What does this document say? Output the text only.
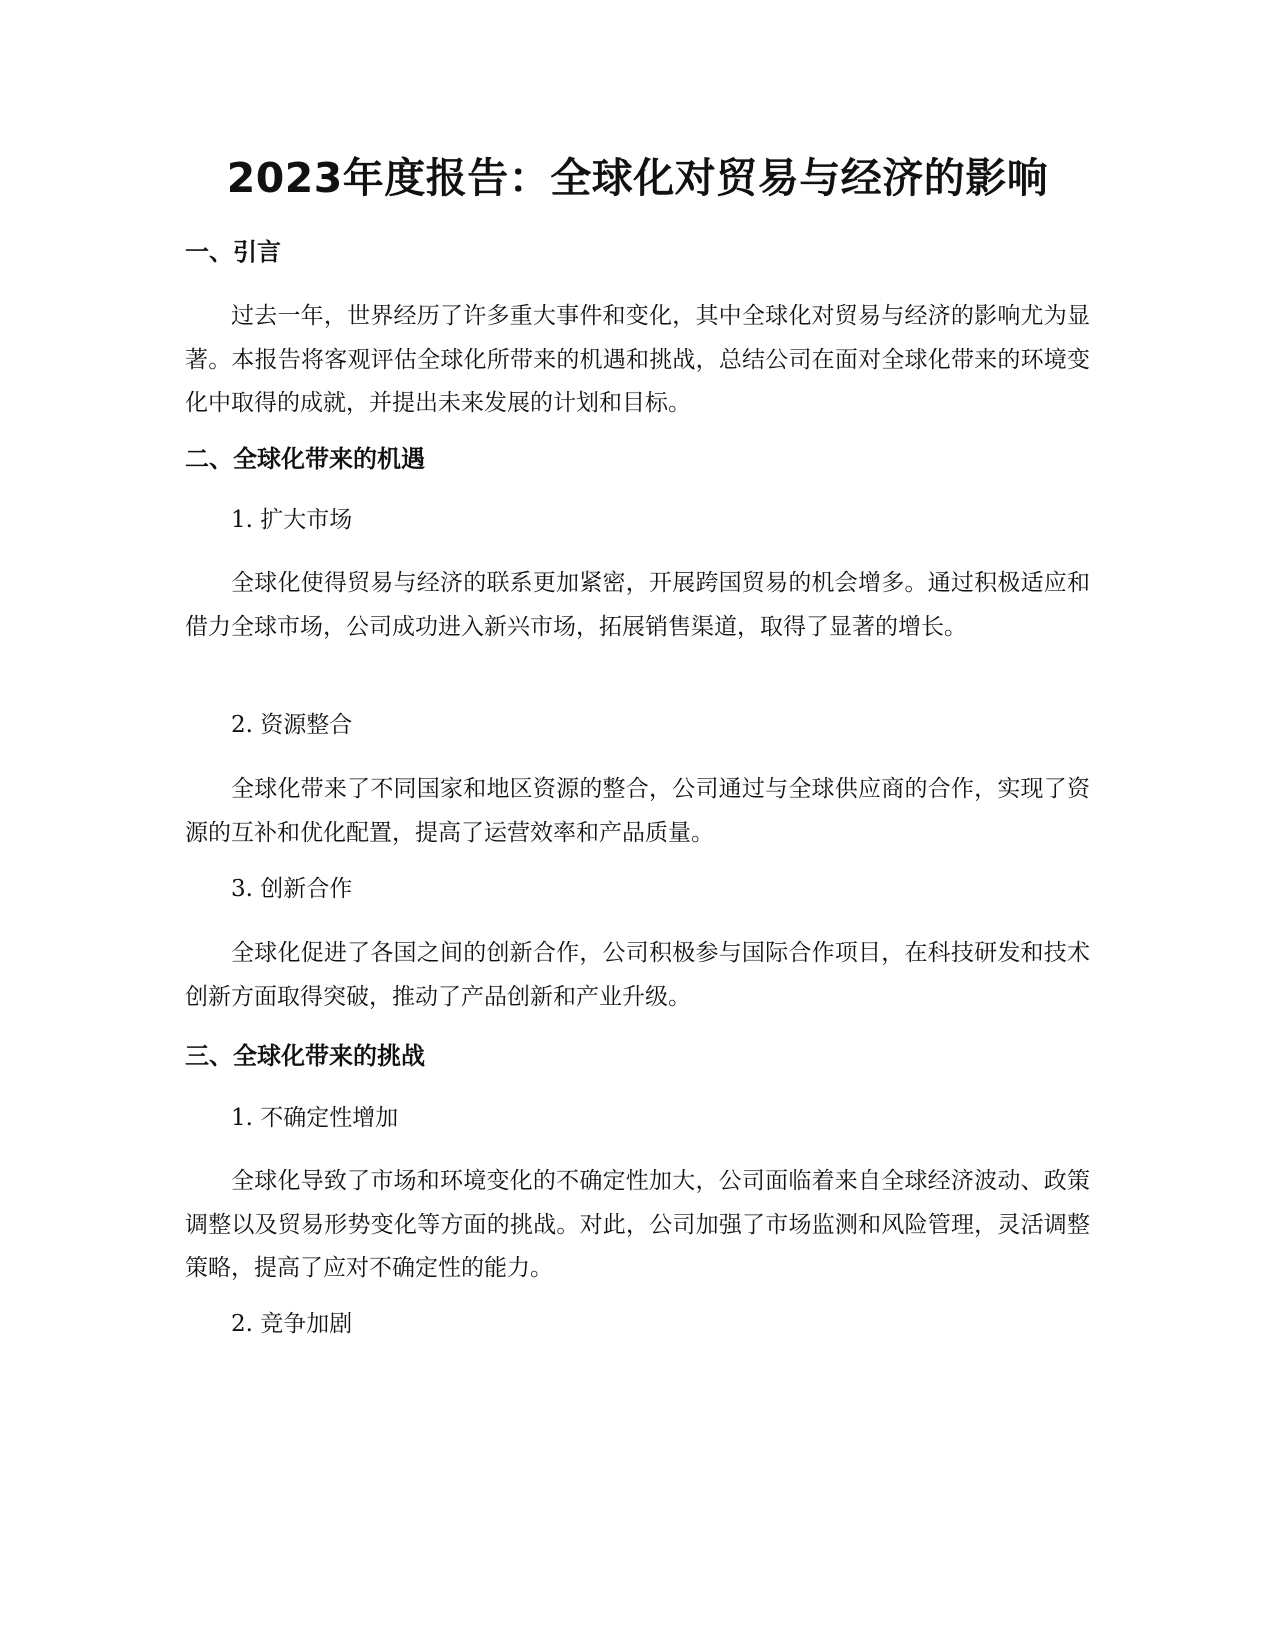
2023年度报告：全球化对贸易与经济的影响
一、引言

过去一年，世界经历了许多重大事件和变化，其中全球化对贸易与经济的影响尤为显著。本报告将客观评估全球化所带来的机遇和挑战，总结公司在面对全球化带来的环境变化中取得的成就，并提出未来发展的计划和目标。

二、全球化带来的机遇

1. 扩大市场

全球化使得贸易与经济的联系更加紧密，开展跨国贸易的机会增多。通过积极适应和借力全球市场，公司成功进入新兴市场，拓展销售渠道，取得了显著的增长。

2. 资源整合

全球化带来了不同国家和地区资源的整合，公司通过与全球供应商的合作，实现了资源的互补和优化配置，提高了运营效率和产品质量。

3. 创新合作

全球化促进了各国之间的创新合作，公司积极参与国际合作项目，在科技研发和技术创新方面取得突破，推动了产品创新和产业升级。

三、全球化带来的挑战

1. 不确定性增加

全球化导致了市场和环境变化的不确定性加大，公司面临着来自全球经济波动、政策调整以及贸易形势变化等方面的挑战。对此，公司加强了市场监测和风险管理，灵活调整策略，提高了应对不确定性的能力。

2. 竞争加剧
